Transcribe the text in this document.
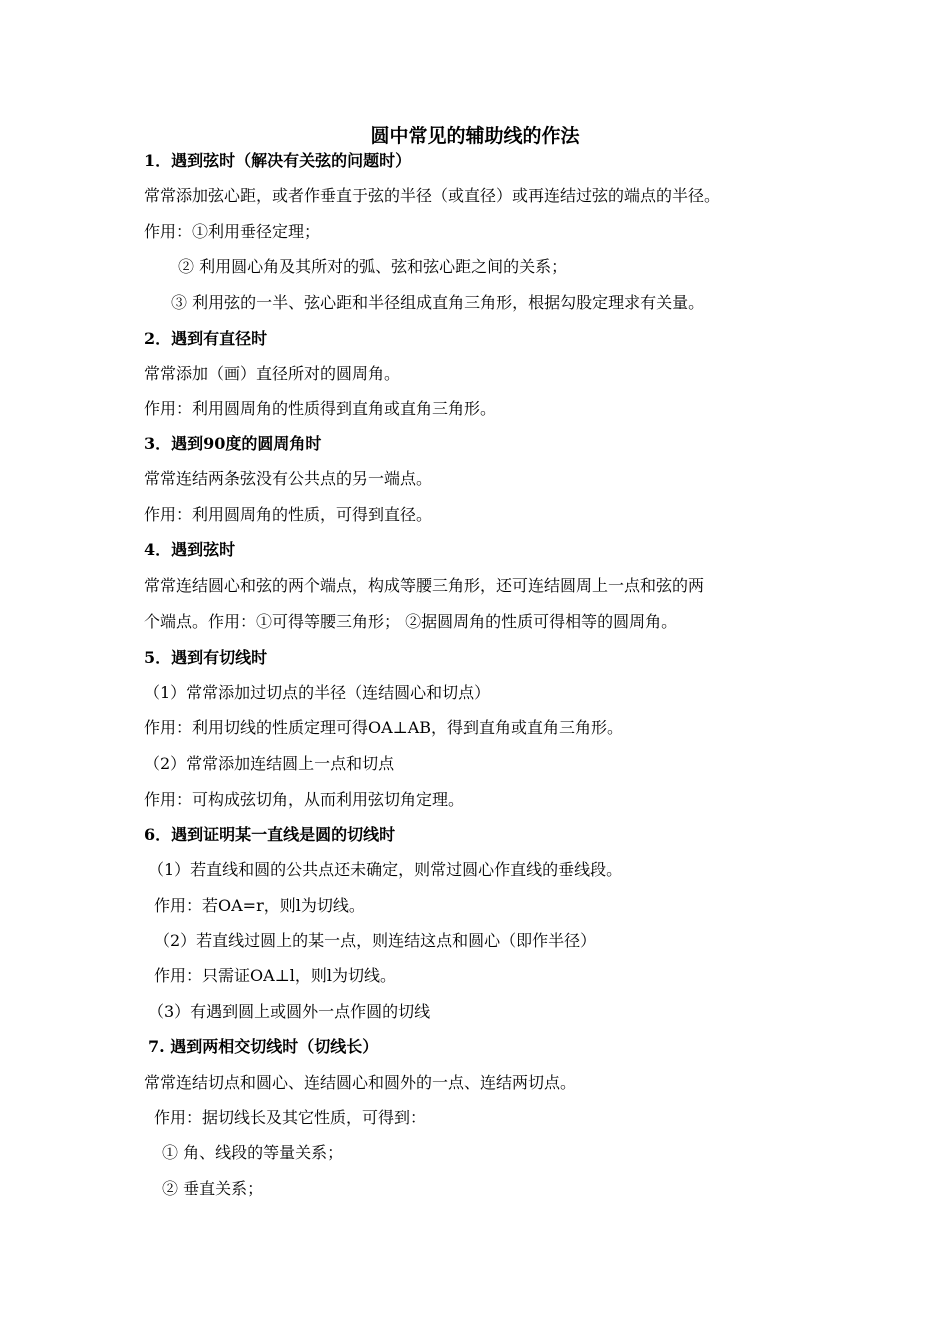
圆中常见的辅助线的作法
1．遇到弦时（解决有关弦的问题时）
常常添加弦心距，或者作垂直于弦的半径（或直径）或再连结过弦的端点的半径。
作用：①利用垂径定理；
② 利用圆心角及其所对的弧、弦和弦心距之间的关系；
③ 利用弦的一半、弦心距和半径组成直角三角形，根据勾股定理求有关量。
2．遇到有直径时
常常添加（画）直径所对的圆周角。
作用：利用圆周角的性质得到直角或直角三角形。
3．遇到90度的圆周角时
常常连结两条弦没有公共点的另一端点。
作用：利用圆周角的性质，可得到直径。
4．遇到弦时
常常连结圆心和弦的两个端点，构成等腰三角形，还可连结圆周上一点和弦的两
个端点。作用：①可得等腰三角形； ②据圆周角的性质可得相等的圆周角。
5．遇到有切线时
（1）常常添加过切点的半径（连结圆心和切点）
作用：利用切线的性质定理可得OA⊥AB，得到直角或直角三角形。
（2）常常添加连结圆上一点和切点
作用：可构成弦切角，从而利用弦切角定理。
6．遇到证明某一直线是圆的切线时
（1）若直线和圆的公共点还未确定，则常过圆心作直线的垂线段。
作用：若OA=r，则l为切线。
（2）若直线过圆上的某一点，则连结这点和圆心（即作半径）
作用：只需证OA⊥l，则l为切线。
（3）有遇到圆上或圆外一点作圆的切线
7. 遇到两相交切线时（切线长）
常常连结切点和圆心、连结圆心和圆外的一点、连结两切点。
作用：据切线长及其它性质，可得到：
① 角、线段的等量关系；
② 垂直关系；
